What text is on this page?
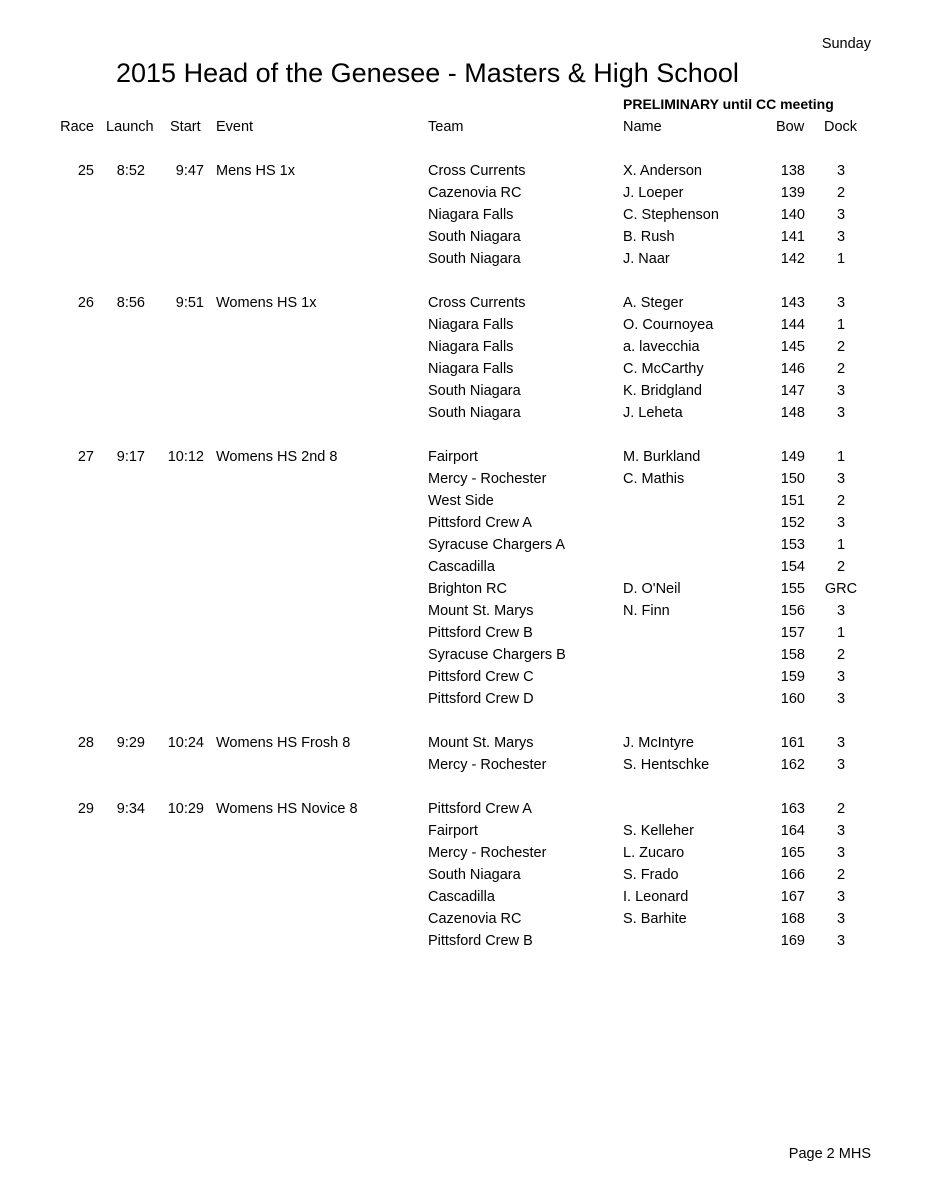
Sunday
2015 Head of the Genesee - Masters & High School
PRELIMINARY until CC meeting
Race Launch Start Event	Team	Name	Bow Dock
25	8:52	9:47 Mens HS 1x	Cross Currents	X. Anderson	138	3
Cazenovia RC	J. Loeper	139	2
Niagara Falls	C. Stephenson	140	3
South Niagara	B. Rush	141	3
South Niagara	J. Naar	142	1
26	8:56	9:51 Womens HS 1x	Cross Currents	A. Steger	143	3
Niagara Falls	O. Cournoyea	144	1
Niagara Falls	a. lavecchia	145	2
Niagara Falls	C. McCarthy	146	2
South Niagara	K. Bridgland	147	3
South Niagara	J. Leheta	148	3
27	9:17	10:12 Womens HS 2nd 8	Fairport	M. Burkland	149	1
Mercy - Rochester	C. Mathis	150	3
West Side	151	2
Pittsford Crew A	152	3
Syracuse Chargers A	153	1
Cascadilla	154	2
Brighton RC	D. O'Neil	155 GRC
Mount St. Marys	N. Finn	156	3
Pittsford Crew B	157	1
Syracuse Chargers B	158	2
Pittsford Crew C	159	3
Pittsford Crew D	160	3
28	9:29	10:24 Womens HS Frosh 8	Mount St. Marys	J. McIntyre	161	3
Mercy - Rochester	S. Hentschke	162	3
29	9:34	10:29 Womens HS Novice 8	Pittsford Crew A	163	2
Fairport	S. Kelleher	164	3
Mercy - Rochester	L. Zucaro	165	3
South Niagara	S. Frado	166	2
Cascadilla	I. Leonard	167	3
Cazenovia RC	S. Barhite	168	3
Pittsford Crew B	169	3
Page 2 MHS
